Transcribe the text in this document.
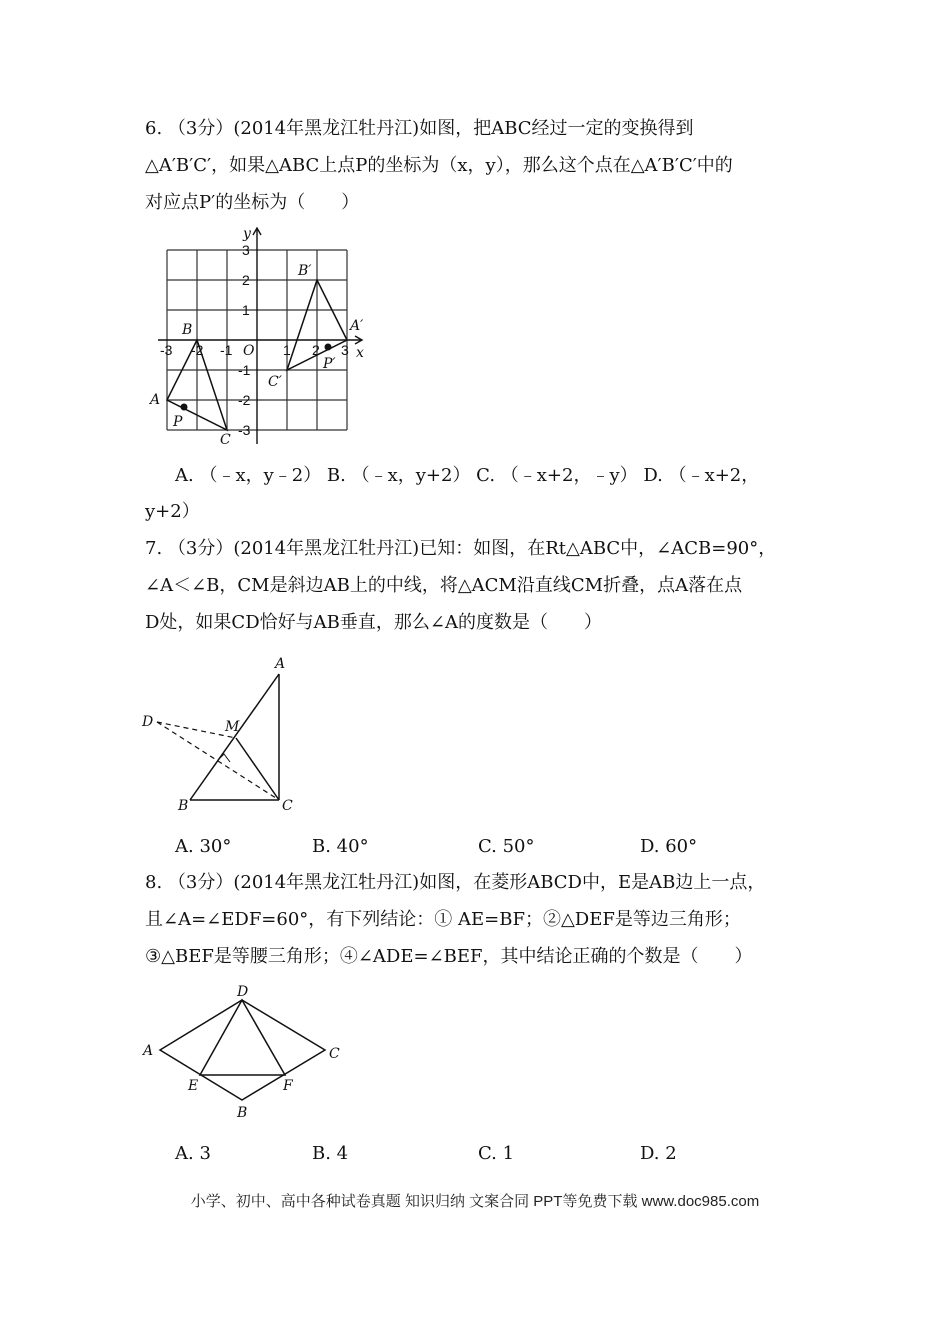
6. （3分）(2014年黑龙江牡丹江)如图，把ABC经过一定的变换得到

△A′B′C′，如果△ABC上点P的坐标为（x，y），那么这个点在△A′B′C′中的

对应点P′的坐标为（　　）

-3 -2 -1	1 2 3
3
2
1
-1
-2
-3
O	x
y
A
B
C
P
A′
B′
C′
P′

A. （﹣x，y﹣2） B. （﹣x，y+2） C. （﹣x+2，﹣y） D. （﹣x+2，

y+2）

7. （3分）(2014年黑龙江牡丹江)已知：如图，在Rt△ABC中，∠ACB=90°，

∠A＜∠B，CM是斜边AB上的中线，将△ACM沿直线CM折叠，点A落在点

D处，如果CD恰好与AB垂直，那么∠A的度数是（　　）

A
B	C
D	M
A. 30°	B. 40°	C. 50°	D. 60°

8. （3分）(2014年黑龙江牡丹江)如图，在菱形ABCD中，E是AB边上一点，

且∠A=∠EDF=60°，有下列结论：① AE=BF；②△DEF是等边三角形；

③△BEF是等腰三角形；④∠ADE=∠BEF，其中结论正确的个数是（　　）

D
A	C
B
E	F
A. 3	B. 4	C. 1	D. 2
小学、初中、高中各种试卷真题 知识归纳 文案合同 PPT等免费下载 www.doc985.com
